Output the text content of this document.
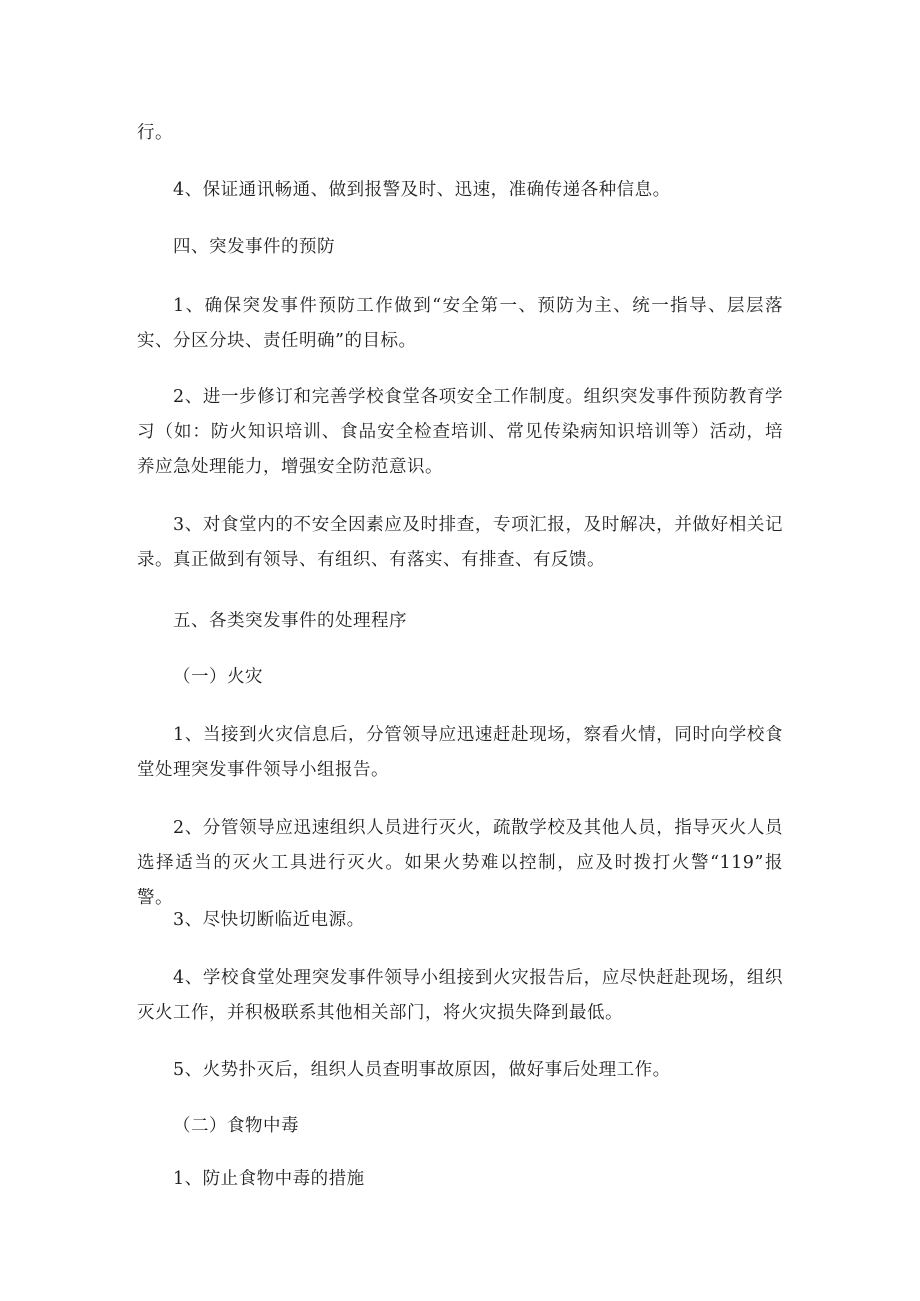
行。

4、保证通讯畅通、做到报警及时、迅速，准确传递各种信息。

四、突发事件的预防

1、确保突发事件预防工作做到“安全第一、预防为主、统一指导、层层落实、分区分块、责任明确”的目标。

2、进一步修订和完善学校食堂各项安全工作制度。组织突发事件预防教育学习（如：防火知识培训、食品安全检查培训、常见传染病知识培训等）活动，培养应急处理能力，增强安全防范意识。

3、对食堂内的不安全因素应及时排查，专项汇报，及时解决，并做好相关记录。真正做到有领导、有组织、有落实、有排查、有反馈。

五、各类突发事件的处理程序

（一）火灾

1、当接到火灾信息后，分管领导应迅速赶赴现场，察看火情，同时向学校食堂处理突发事件领导小组报告。

2、分管领导应迅速组织人员进行灭火，疏散学校及其他人员，指导灭火人员选择适当的灭火工具进行灭火。如果火势难以控制，应及时拨打火警“119”报警。

3、尽快切断临近电源。

4、学校食堂处理突发事件领导小组接到火灾报告后，应尽快赶赴现场，组织灭火工作，并积极联系其他相关部门，将火灾损失降到最低。

5、火势扑灭后，组织人员查明事故原因，做好事后处理工作。

（二）食物中毒

1、防止食物中毒的措施
